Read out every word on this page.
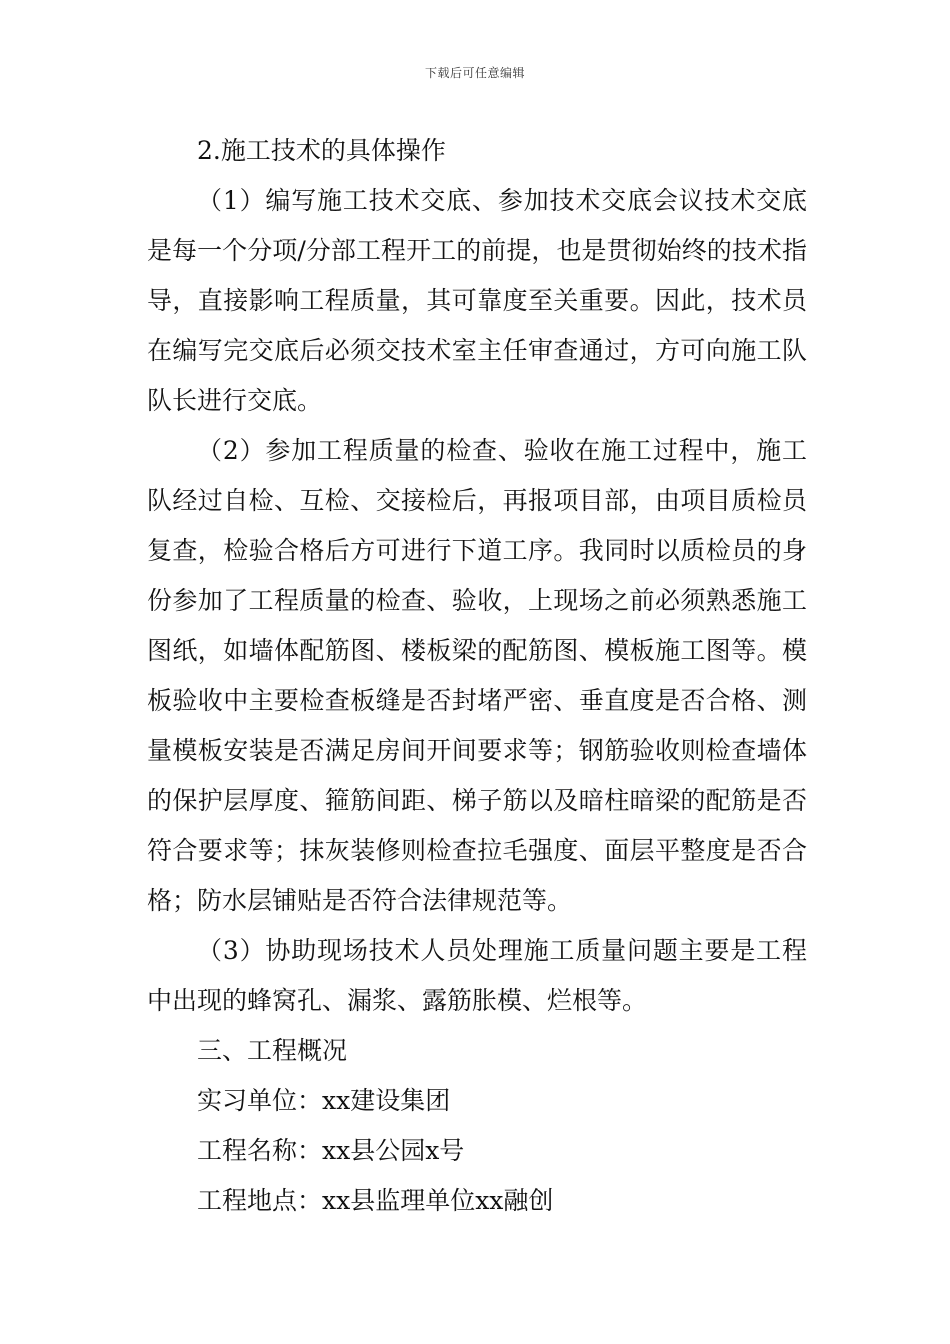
下载后可任意编辑

2.施工技术的具体操作

（1）编写施工技术交底、参加技术交底会议技术交底是每一个分项/分部工程开工的前提，也是贯彻始终的技术指导，直接影响工程质量，其可靠度至关重要。因此，技术员在编写完交底后必须交技术室主任审查通过，方可向施工队队长进行交底。

（2）参加工程质量的检查、验收在施工过程中，施工队经过自检、互检、交接检后，再报项目部，由项目质检员复查，检验合格后方可进行下道工序。我同时以质检员的身份参加了工程质量的检查、验收，上现场之前必须熟悉施工图纸，如墙体配筋图、楼板梁的配筋图、模板施工图等。模板验收中主要检查板缝是否封堵严密、垂直度是否合格、测量模板安装是否满足房间开间要求等；钢筋验收则检查墙体的保护层厚度、箍筋间距、梯子筋以及暗柱暗梁的配筋是否符合要求等；抹灰装修则检查拉毛强度、面层平整度是否合格；防水层铺贴是否符合法律规范等。

（3）协助现场技术人员处理施工质量问题主要是工程中出现的蜂窝孔、漏浆、露筋胀模、烂根等。

三、工程概况

实习单位：xx建设集团

工程名称：xx县公园x号

工程地点：xx县监理单位xx融创
